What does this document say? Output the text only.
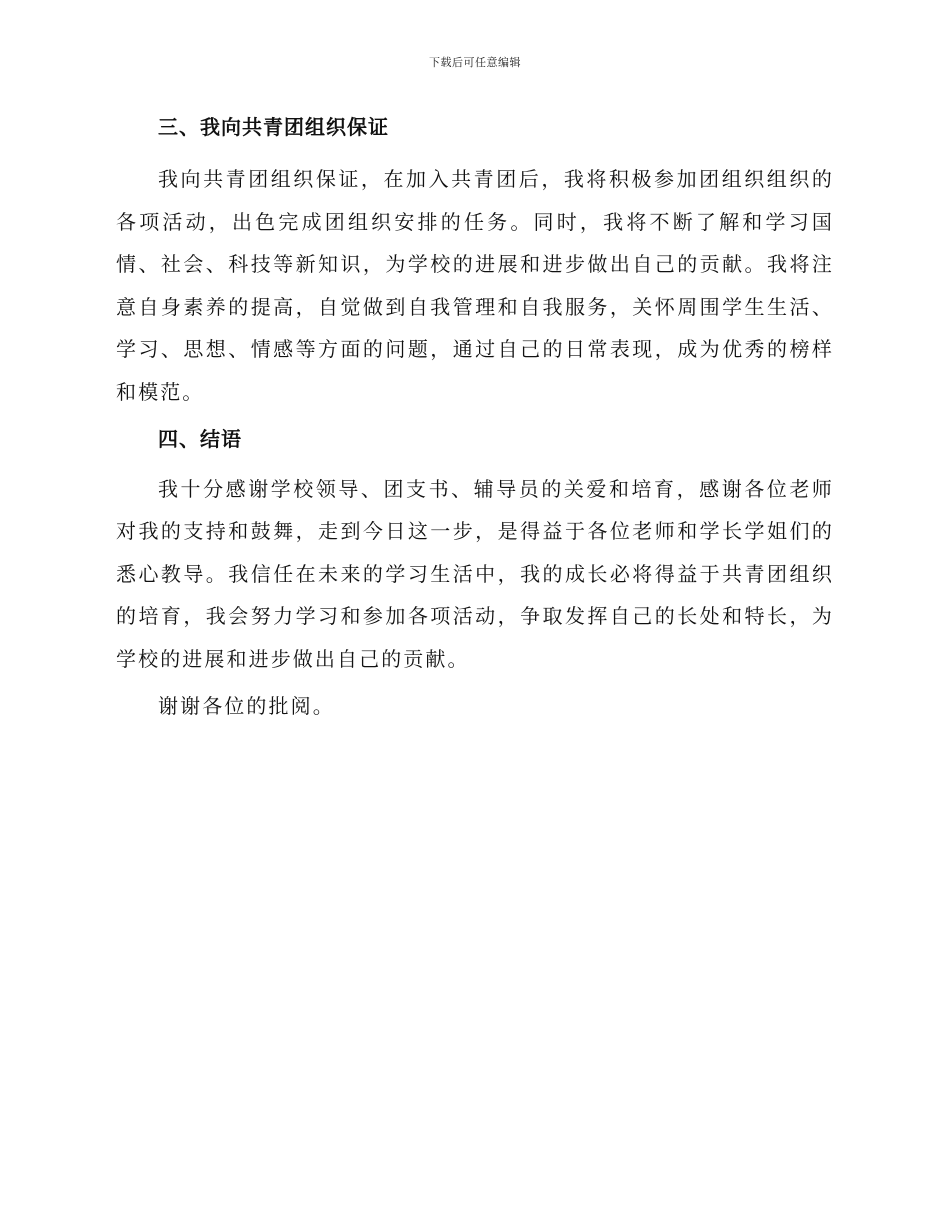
下载后可任意编辑
三、我向共青团组织保证

我向共青团组织保证，在加入共青团后，我将积极参加团组织组织的各项活动，出色完成团组织安排的任务。同时，我将不断了解和学习国情、社会、科技等新知识，为学校的进展和进步做出自己的贡献。我将注意自身素养的提高，自觉做到自我管理和自我服务，关怀周围学生生活、学习、思想、情感等方面的问题，通过自己的日常表现，成为优秀的榜样和模范。

四、结语

我十分感谢学校领导、团支书、辅导员的关爱和培育，感谢各位老师对我的支持和鼓舞，走到今日这一步，是得益于各位老师和学长学姐们的悉心教导。我信任在未来的学习生活中，我的成长必将得益于共青团组织的培育，我会努力学习和参加各项活动，争取发挥自己的长处和特长，为学校的进展和进步做出自己的贡献。

谢谢各位的批阅。
